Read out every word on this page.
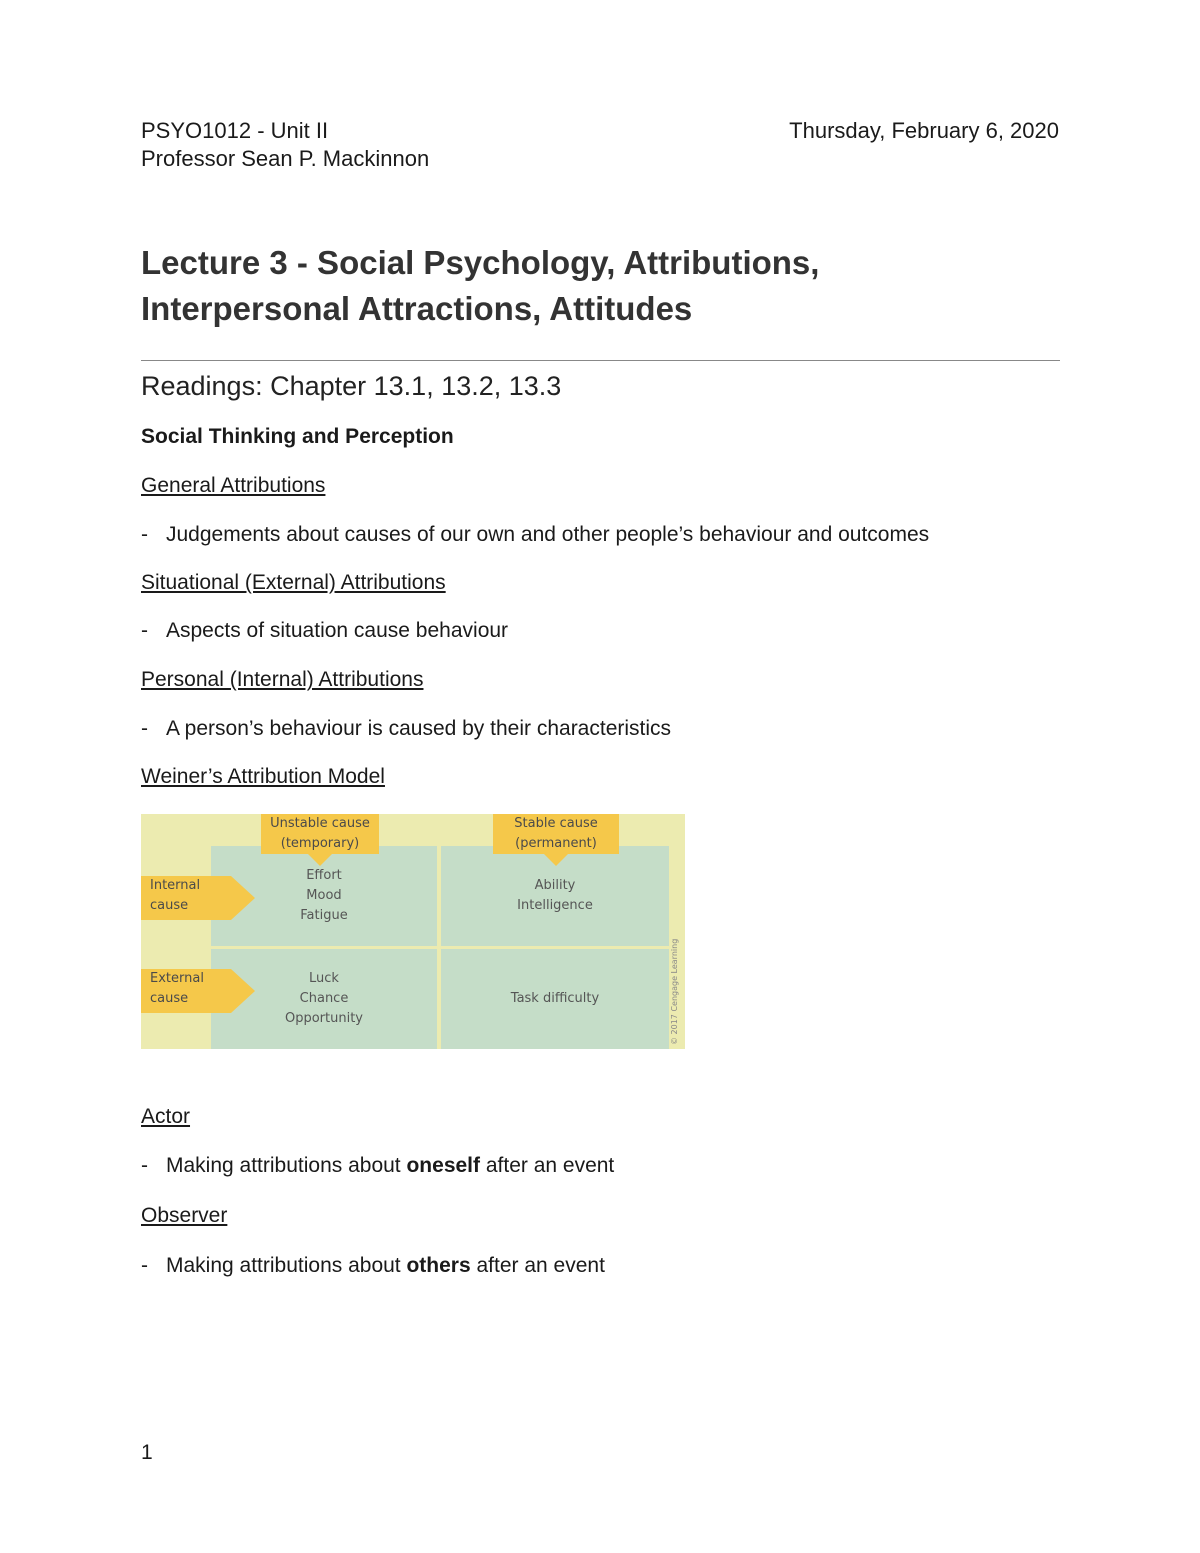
PSYO1012 - Unit II	Thursday, February 6, 2020
Professor Sean P. Mackinnon
Lecture 3 - Social Psychology, Attributions,
Interpersonal Attractions, Attitudes
Readings: Chapter 13.1, 13.2, 13.3
Social Thinking and Perception
General Attributions
- Judgements about causes of our own and other people’s behaviour and outcomes
Situational (External) Attributions
- Aspects of situation cause behaviour
Personal (Internal) Attributions
- A person’s behaviour is caused by their characteristics
Weiner’s Attribution Model
Effort
Mood
Fatigue
Ability
Intelligence
Luck
Chance
Opportunity
Task difficulty
Unstable cause
(temporary)
Stable cause
(permanent)
Internal
cause
External
cause	© 2017 Cengage Learning
Actor
- Making attributions about oneself after an event
Observer
- Making attributions about others after an event
1
